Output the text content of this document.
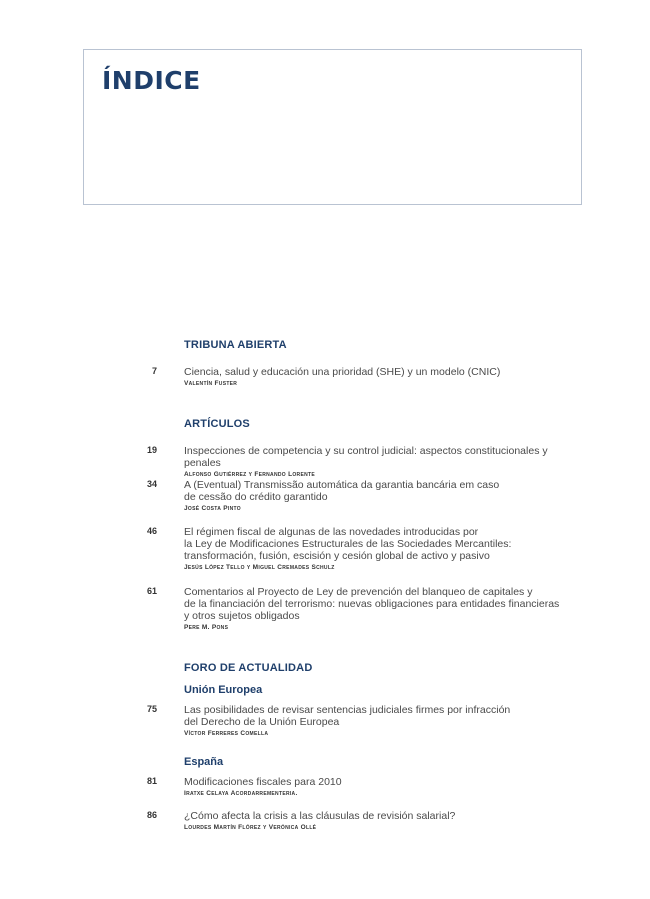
ÍNDICE
TRIBUNA ABIERTA
7	Ciencia, salud y educación una prioridad (SHE) y un modelo (CNIC)
Valentín Fuster
ARTÍCULOS
19	Inspecciones de competencia y su control judicial: aspectos constitucionales y penales
Alfonso Gutiérrez y Fernando Lorente
34	A (Eventual) Transmissão automática da garantia bancária em caso
de cessão do crédito garantido
José Costa Pinto
46	El régimen fiscal de algunas de las novedades introducidas por
la Ley de Modificaciones Estructurales de las Sociedades Mercantiles:
transformación, fusión, escisión y cesión global de activo y pasivo
Jesús López Tello y Miguel Cremades Schulz
61	Comentarios al Proyecto de Ley de prevención del blanqueo de capitales y
de la financiación del terrorismo: nuevas obligaciones para entidades financieras
y otros sujetos obligados
Pere M. Pons
FORO DE ACTUALIDAD
Unión Europea
75	Las posibilidades de revisar sentencias judiciales firmes por infracción
del Derecho de la Unión Europea
Víctor Ferreres Comella
España
81	Modificaciones fiscales para 2010
Iratxe Celaya Acordarrementeria.
86	¿Cómo afecta la crisis a las cláusulas de revisión salarial?
Lourdes Martín Flórez y Verónica Ollé
